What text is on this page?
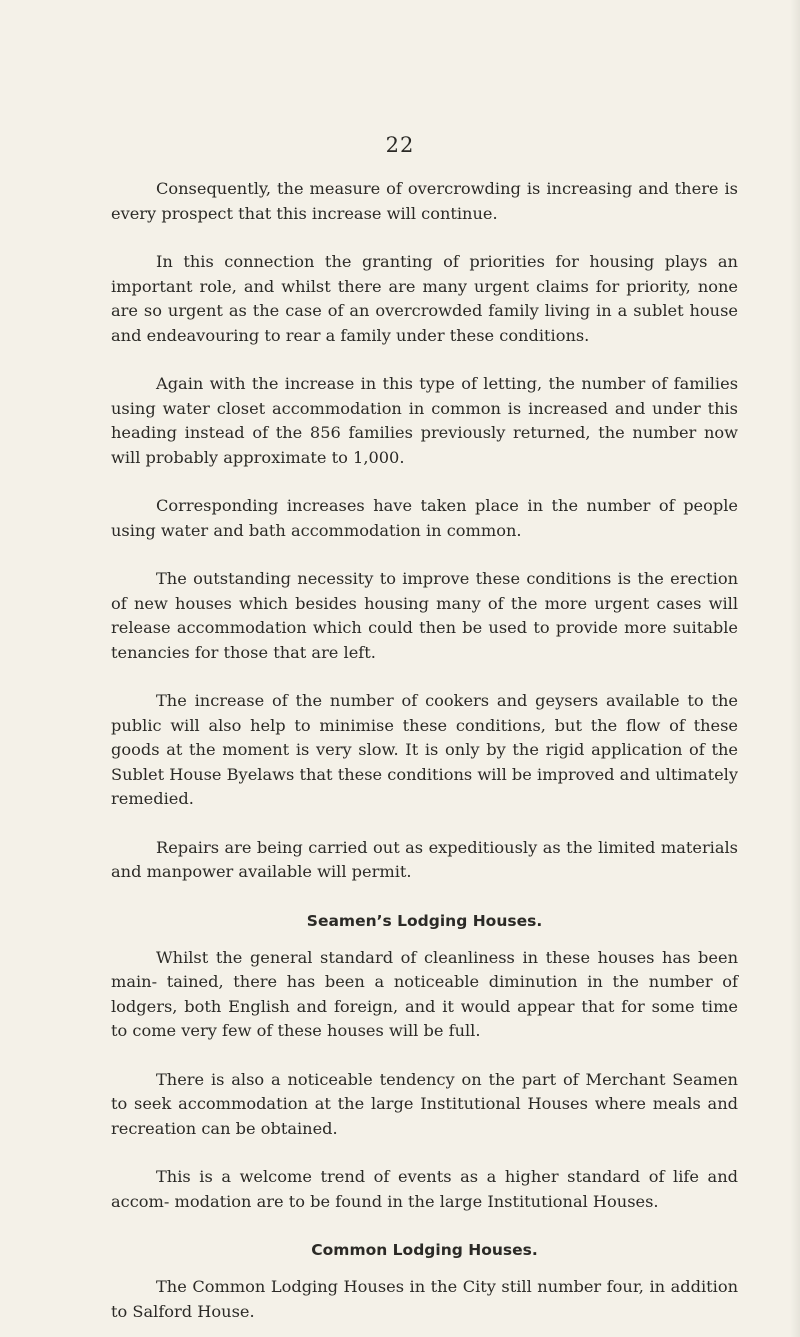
22

Consequently, the measure of overcrowding is increasing and there is every prospect that this increase will continue.

In this connection the granting of priorities for housing plays an important role, and whilst there are many urgent claims for priority, none are so urgent as the case of an overcrowded family living in a sublet house and endeavouring to rear a family under these conditions.

Again with the increase in this type of letting, the number of families using water closet accommodation in common is increased and under this heading instead of the 856 families previously returned, the number now will probably approximate to 1,000.

Corresponding increases have taken place in the number of people using water and bath accommodation in common.

The outstanding necessity to improve these conditions is the erection of new houses which besides housing many of the more urgent cases will release accommodation which could then be used to provide more suitable tenancies for those that are left.

The increase of the number of cookers and geysers available to the public will also help to minimise these conditions, but the flow of these goods at the moment is very slow. It is only by the rigid application of the Sublet House Byelaws that these conditions will be improved and ultimately remedied.

Repairs are being carried out as expeditiously as the limited materials and manpower available will permit.

Seamen’s Lodging Houses.

Whilst the general standard of cleanliness in these houses has been main- tained, there has been a noticeable diminution in the number of lodgers, both English and foreign, and it would appear that for some time to come very few of these houses will be full.

There is also a noticeable tendency on the part of Merchant Seamen to seek accommodation at the large Institutional Houses where meals and recreation can be obtained.

This is a welcome trend of events as a higher standard of life and accom- modation are to be found in the large Institutional Houses.

Common Lodging Houses.

The Common Lodging Houses in the City still number four, in addition to Salford House.
